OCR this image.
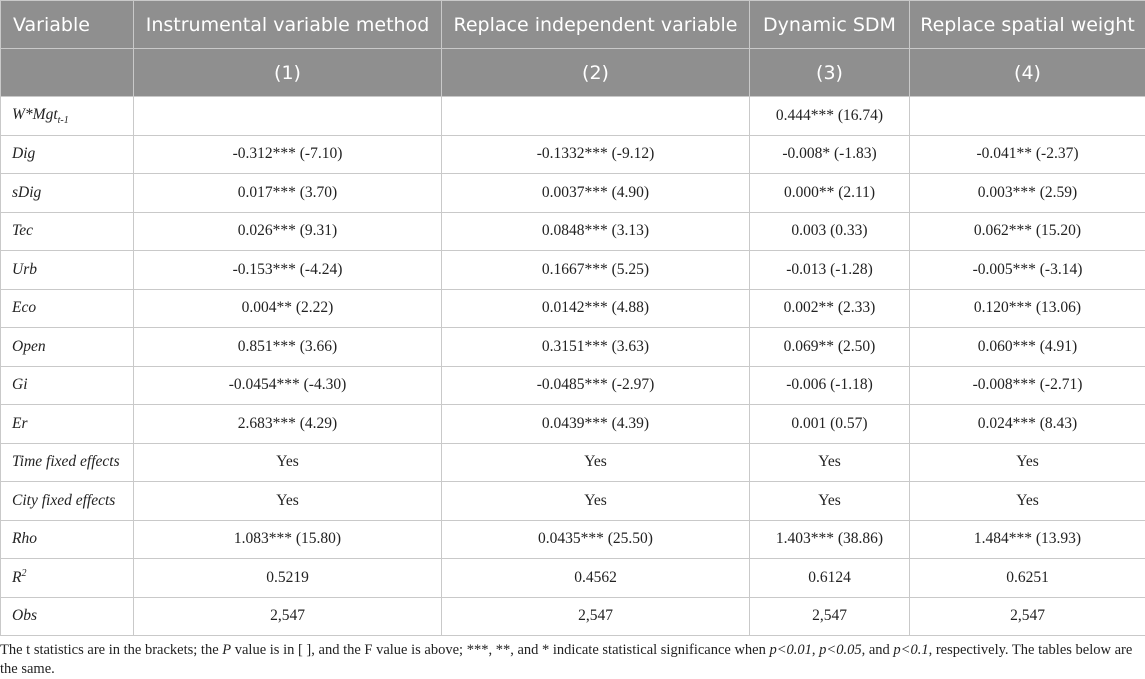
Variable	Instrumental variable method	Replace independent variable	Dynamic SDM	Replace spatial weight
	(1)	(2)	(3)	(4)
W*Mgt$_{t-1}$			0.444*** (16.74)	
Dig	-0.312*** (-7.10)	-0.1332*** (-9.12)	-0.008* (-1.83)	-0.041** (-2.37)
sDig	0.017*** (3.70)	0.0037*** (4.90)	0.000** (2.11)	0.003*** (2.59)
Tec	0.026*** (9.31)	0.0848*** (3.13)	0.003 (0.33)	0.062*** (15.20)
Urb	-0.153*** (-4.24)	0.1667*** (5.25)	-0.013 (-1.28)	-0.005*** (-3.14)
Eco	0.004** (2.22)	0.0142*** (4.88)	0.002** (2.33)	0.120*** (13.06)
Open	0.851*** (3.66)	0.3151*** (3.63)	0.069** (2.50)	0.060*** (4.91)
Gi	-0.0454*** (-4.30)	-0.0485*** (-2.97)	-0.006 (-1.18)	-0.008*** (-2.71)
Er	2.683*** (4.29)	0.0439*** (4.39)	0.001 (0.57)	0.024*** (8.43)
Time fixed effects	Yes	Yes	Yes	Yes
City fixed effects	Yes	Yes	Yes	Yes
Rho	1.083*** (15.80)	0.0435*** (25.50)	1.403*** (38.86)	1.484*** (13.93)
$R^2$	0.5219	0.4562	0.6124	0.6251
Obs	2,547	2,547	2,547	2,547
The t statistics are in the brackets; the P value is in [ ], and the F value is above; ***, **, and * indicate statistical significance when p<0.01, p<0.05, and p<0.1, respectively. The tables below are the same.
